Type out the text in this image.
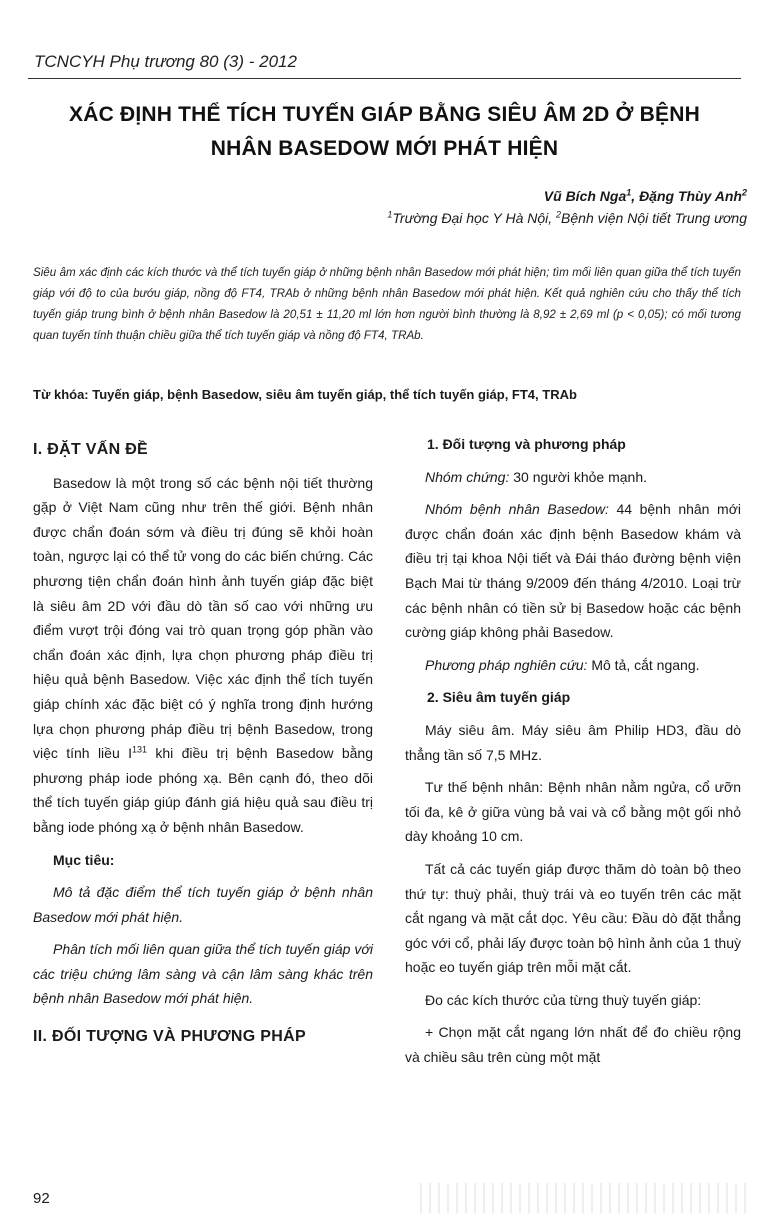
TCNCYH Phụ trương 80 (3) - 2012
XÁC ĐỊNH THỂ TÍCH TUYẾN GIÁP BẰNG SIÊU ÂM 2D Ở BỆNH
NHÂN BASEDOW MỚI PHÁT HIỆN
Vũ Bích Nga$^1$, Đặng Thùy Anh$^2$
$^1$Trường Đại học Y Hà Nội, $^2$Bệnh viện Nội tiết Trung ương
Siêu âm xác định các kích thước và thể tích tuyến giáp ở những bệnh nhân Basedow mới phát hiện; tìm mối liên quan giữa thể tích tuyến giáp với độ to của bướu giáp, nồng độ FT4, TRAb ở những bệnh nhân Basedow mới phát hiện. Kết quả nghiên cứu cho thấy thể tích tuyến giáp trung bình ở bệnh nhân Basedow là 20,51 ± 11,20 ml lớn hơn người bình thường là 8,92 ± 2,69 ml (p < 0,05); có mối tương quan tuyến tính thuận chiều giữa thể tích tuyến giáp và nồng độ FT4, TRAb.
Từ khóa: Tuyến giáp, bệnh Basedow, siêu âm tuyến giáp, thể tích tuyến giáp, FT4, TRAb
I. ĐẶT VẤN ĐỀ

Basedow là một trong số các bệnh nội tiết thường gặp ở Việt Nam cũng như trên thế giới. Bệnh nhân được chẩn đoán sớm và điều trị đúng sẽ khỏi hoàn toàn, ngược lại có thể tử vong do các biến chứng. Các phương tiện chẩn đoán hình ảnh tuyến giáp đặc biệt là siêu âm 2D với đầu dò tần số cao với những ưu điểm vượt trội đóng vai trò quan trọng góp phần vào chẩn đoán xác định, lựa chọn phương pháp điều trị hiệu quả bệnh Basedow. Việc xác định thể tích tuyến giáp chính xác đặc biệt có ý nghĩa trong định hướng lựa chọn phương pháp điều trị bệnh Basedow, trong việc tính liều $I^{131}$ khi điều trị bệnh Basedow bằng phương pháp iode phóng xạ. Bên cạnh đó, theo dõi thể tích tuyến giáp giúp đánh giá hiệu quả sau điều trị bằng iode phóng xạ ở bệnh nhân Basedow.

Mục tiêu:

Mô tả đặc điểm thể tích tuyến giáp ở bệnh nhân Basedow mới phát hiện.

Phân tích mối liên quan giữa thể tích tuyến giáp với các triệu chứng lâm sàng và cận lâm sàng khác trên bệnh nhân Basedow mới phát hiện.

II. ĐỐI TƯỢNG VÀ PHƯƠNG PHÁP
1. Đối tượng và phương pháp

Nhóm chứng: 30 người khỏe mạnh.

Nhóm bệnh nhân Basedow: 44 bệnh nhân mới được chẩn đoán xác định bệnh Basedow khám và điều trị tại khoa Nội tiết và Đái tháo đường bệnh viện Bạch Mai từ tháng 9/2009 đến tháng 4/2010. Loại trừ các bệnh nhân có tiền sử bị Basedow hoặc các bệnh cường giáp không phải Basedow.

Phương pháp nghiên cứu: Mô tả, cắt ngang.

2. Siêu âm tuyến giáp

Máy siêu âm. Máy siêu âm Philip HD3, đầu dò thẳng tần số 7,5 MHz.

Tư thế bệnh nhân: Bệnh nhân nằm ngửa, cổ ưỡn tối đa, kê ở giữa vùng bả vai và cổ bằng một gối nhỏ dày khoảng 10 cm.

Tất cả các tuyến giáp được thăm dò toàn bộ theo thứ tự: thuỳ phải, thuỳ trái và eo tuyến trên các mặt cắt ngang và mặt cắt dọc. Yêu cầu: Đầu dò đặt thẳng góc với cổ, phải lấy được toàn bộ hình ảnh của 1 thuỳ hoặc eo tuyến giáp trên mỗi mặt cắt.

Đo các kích thước của từng thuỳ tuyến giáp:

+ Chọn mặt cắt ngang lớn nhất để đo chiều rộng và chiều sâu trên cùng một mặt

92
